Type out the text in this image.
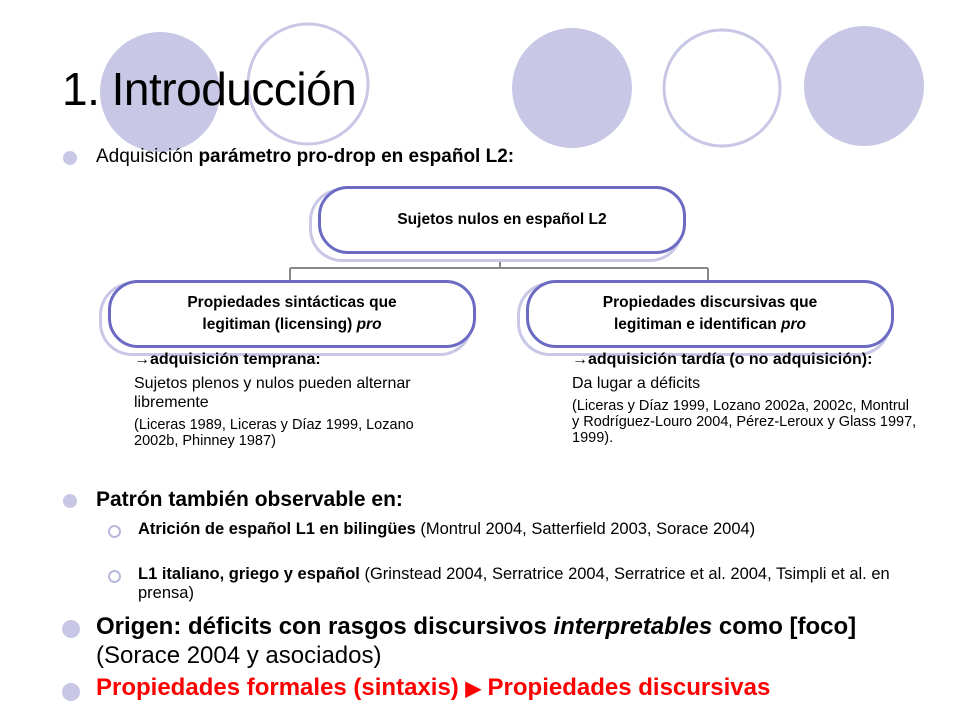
1. Introducción
Adquisición parámetro pro-drop en español L2:
Sujetos nulos en español L2
Propiedades sintácticas que
legitiman (licensing) pro
Propiedades discursivas que
legitiman e identifican pro
→adquisición temprana:
Sujetos plenos y nulos pueden alternar libremente
(Liceras 1989, Liceras y Díaz 1999, Lozano 2002b, Phinney 1987)
→adquisición tardía (o no adquisición):
Da lugar a déficits
(Liceras y Díaz 1999, Lozano 2002a, 2002c, Montrul y Rodríguez-Louro 2004, Pérez-Leroux y Glass 1997, 1999).
Patrón también observable en:
Atrición de español L1 en bilingües (Montrul 2004, Satterfield 2003, Sorace 2004)
L1 italiano, griego y español (Grinstead 2004, Serratrice 2004, Serratrice et al. 2004, Tsimpli et al. en prensa)
Origen: déficits con rasgos discursivos interpretables como [foco] (Sorace 2004 y asociados)
Propiedades formales (sintaxis) ▶ Propiedades discursivas
